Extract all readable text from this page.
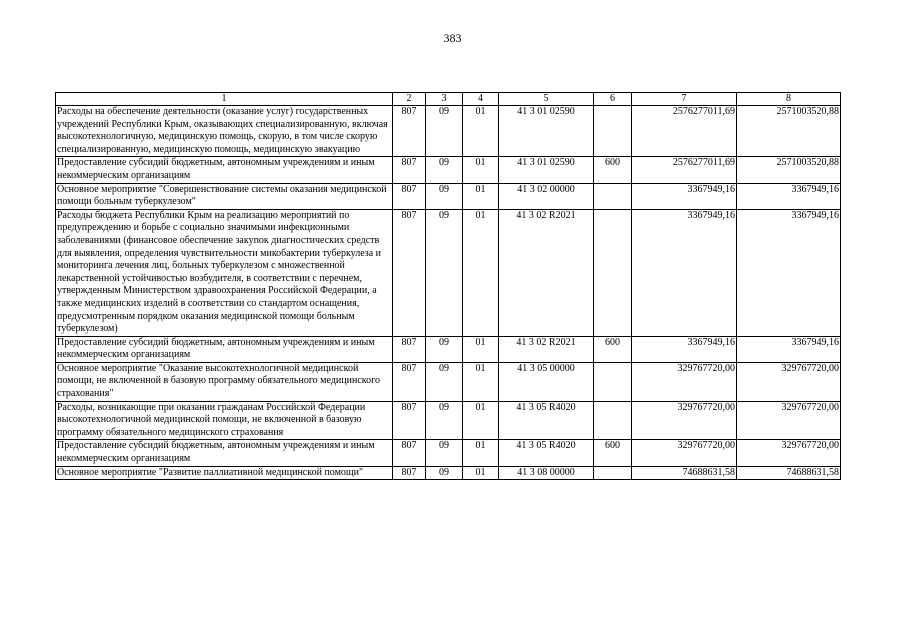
383
1	2	3	4	5	6	7	8
Расходы на обеспечение деятельности (оказание услуг) государственных учреждений Республики Крым, оказывающих специализированную, включая высокотехнологичную, медицинскую помощь, скорую, в том числе скорую специализированную, медицинскую помощь, медицинскую эвакуацию	807	09	01	41 3 01 02590		2576277011,69	2571003520,88
Предоставление субсидий бюджетным, автономным учреждениям и иным некоммерческим организациям	807	09	01	41 3 01 02590	600	2576277011,69	2571003520,88
Основное мероприятие "Совершенствование системы оказания медицинской помощи больным туберкулезом"	807	09	01	41 3 02 00000		3367949,16	3367949,16
Расходы бюджета Республики Крым на реализацию мероприятий по предупреждению и борьбе с социально значимыми инфекционными заболеваниями (финансовое обеспечение закупок диагностических средств для выявления, определения чувствительности микобактерии туберкулеза и мониторинга лечения лиц, больных туберкулезом с множественной лекарственной устойчивостью возбудителя, в соответствии с перечнем, утвержденным Министерством здравоохранения Российской Федерации, а также медицинских изделий в соответствии со стандартом оснащения, предусмотренным порядком оказания медицинской помощи больным туберкулезом)	807	09	01	41 3 02 R2021		3367949,16	3367949,16
Предоставление субсидий бюджетным, автономным учреждениям и иным некоммерческим организациям	807	09	01	41 3 02 R2021	600	3367949,16	3367949,16
Основное мероприятие "Оказание высокотехнологичной медицинской помощи, не включенной в базовую программу обязательного медицинского страхования"	807	09	01	41 3 05 00000		329767720,00	329767720,00
Расходы, возникающие при оказании гражданам Российской Федерации высокотехнологичной медицинской помощи, не включенной в базовую программу обязательного медицинского страхования	807	09	01	41 3 05 R4020		329767720,00	329767720,00
Предоставление субсидий бюджетным, автономным учреждениям и иным некоммерческим организациям	807	09	01	41 3 05 R4020	600	329767720,00	329767720,00
Основное мероприятие "Развитие паллиативной медицинской помощи"	807	09	01	41 3 08 00000		74688631,58	74688631,58
